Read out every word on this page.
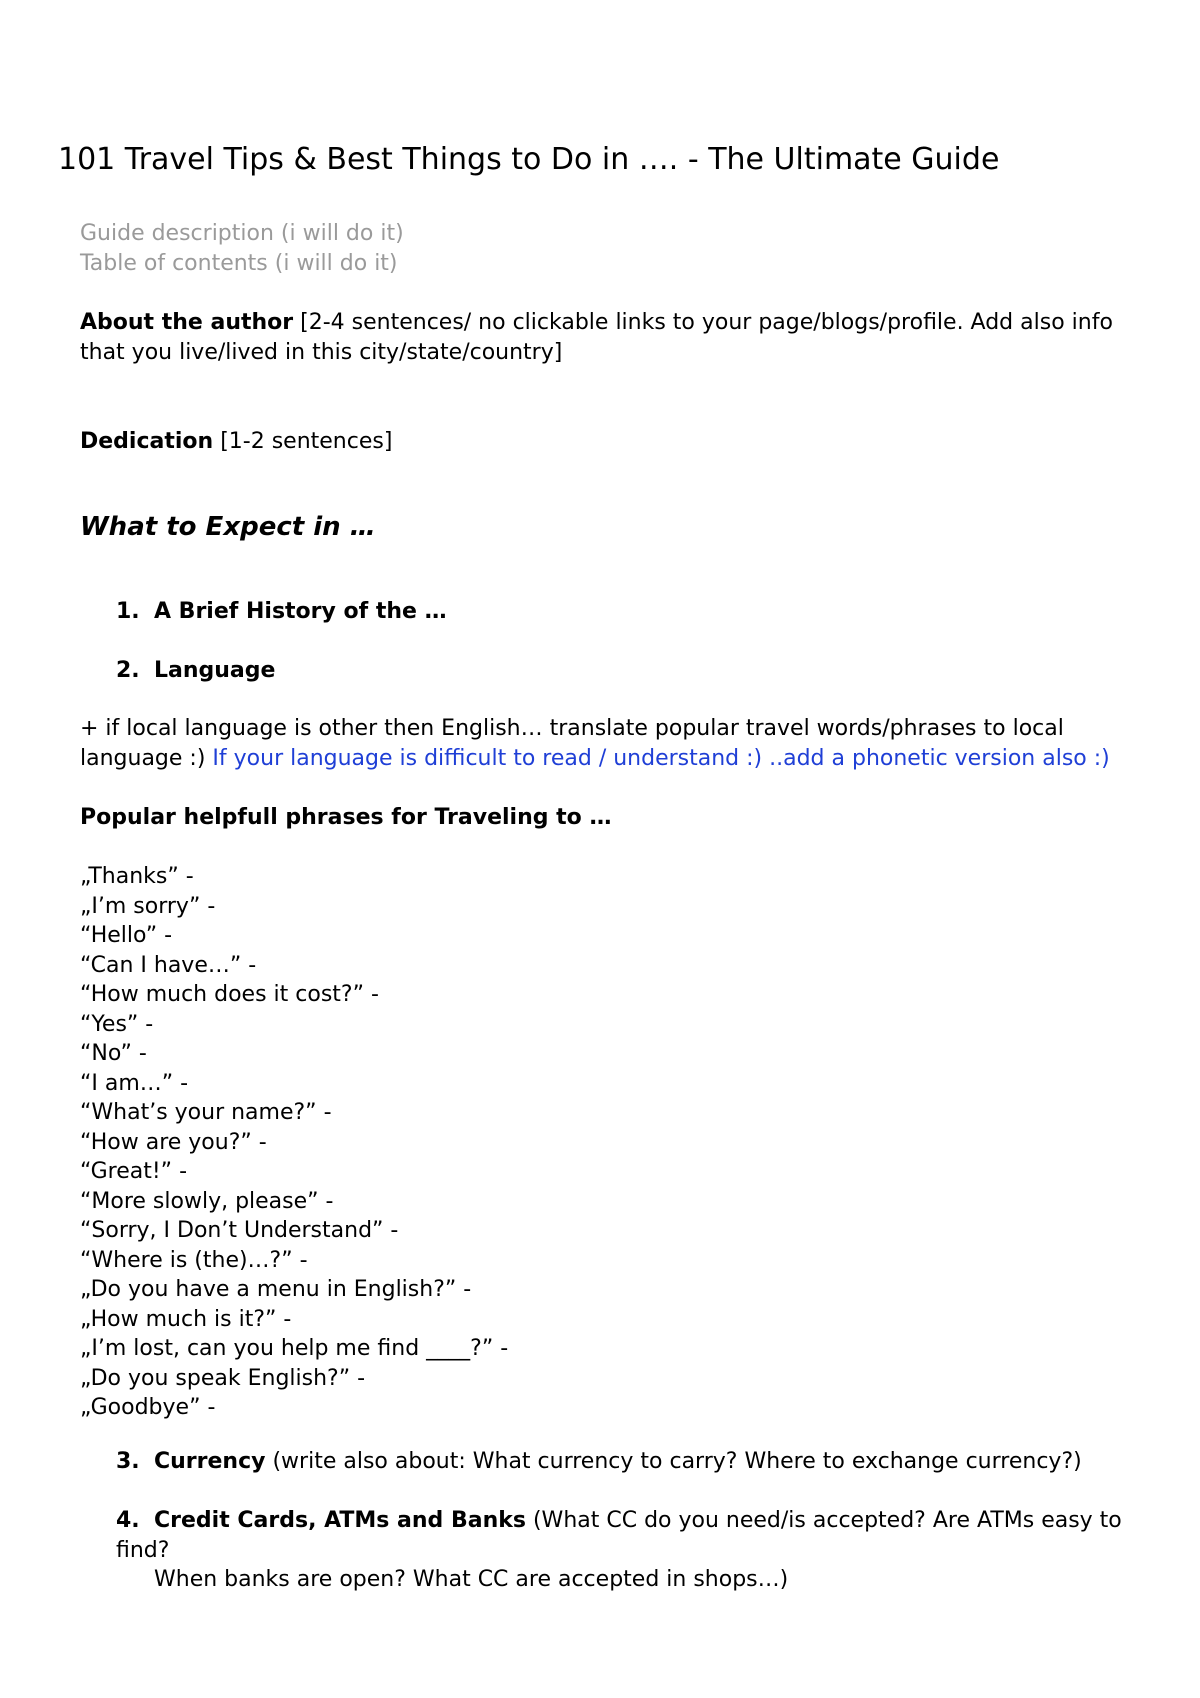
101 Travel Tips & Best Things to Do in …. - The Ultimate Guide
Guide description (i will do it)
Table of contents (i will do it)
About the author [2-4 sentences/ no clickable links to your page/blogs/profile. Add also info
that you live/lived in this city/state/country]
Dedication [1-2 sentences]
What to Expect in …
1. A Brief History of the …
2. Language
+ if local language is other then English… translate popular travel words/phrases to local
language :) If your language is difficult to read / understand :) ..add a phonetic version also :)
Popular helpfull phrases for Traveling to …
„Thanks” -
„I’m sorry” -
“Hello” -
“Can I have…” -
“How much does it cost?” -
“Yes” -
“No” -
“I am…” -
“What’s your name?” -
“How are you?” -
“Great!” -
“More slowly, please” -
“Sorry, I Don’t Understand” -
“Where is (the)…?” -
„Do you have a menu in English?” -
„How much is it?” -
„I’m lost, can you help me find ____?” -
„Do you speak English?” -
„Goodbye” -
3. Currency (write also about: What currency to carry? Where to exchange currency?)
4. Credit Cards, ATMs and Banks (What CC do you need/is accepted? Are ATMs easy to find?
When banks are open? What CC are accepted in shops…)
